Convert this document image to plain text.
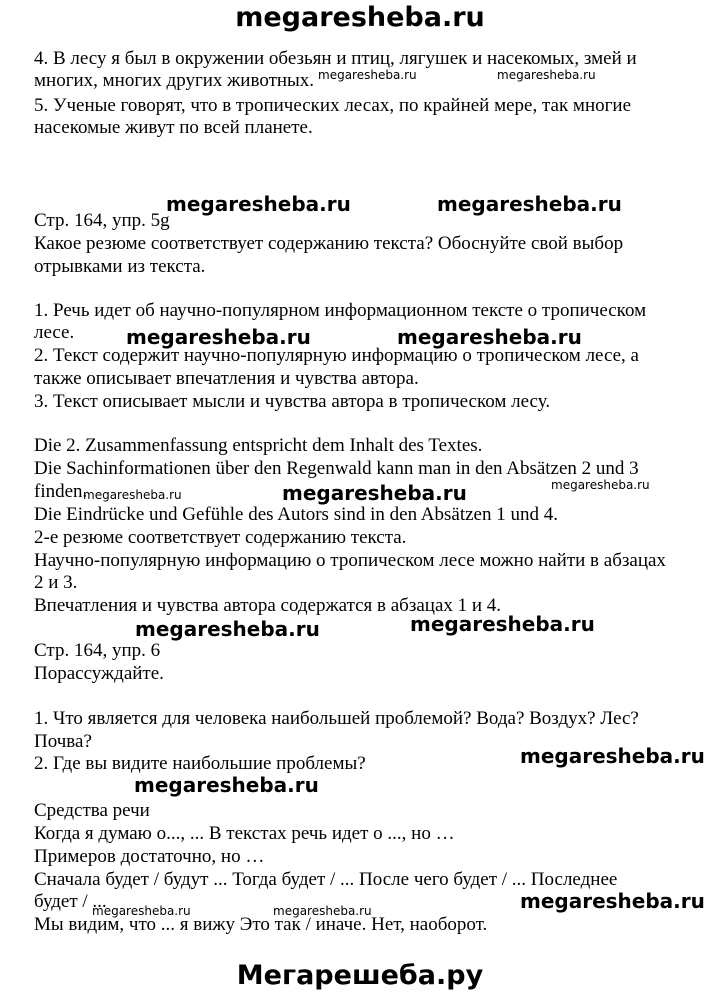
megaresheba.ru
4. В лесу я был в окружении обезьян и птиц, лягушек и насекомых, змей и
многих, многих других животных.
5. Ученые говорят, что в тропических лесах, по крайней мере, так многие
насекомые живут по всей планете.
Стр. 164, упр. 5g
Какое резюме соответствует содержанию текста? Обоснуйте свой выбор
отрывками из текста.
1. Речь идет об научно-популярном информационном тексте о тропическом
лесе.
2. Текст содержит научно-популярную информацию о тропическом лесе, а
также описывает впечатления и чувства автора.
3. Текст описывает мысли и чувства автора в тропическом лесу.
Die 2. Zusammenfassung entspricht dem Inhalt des Textes.
Die Sachinformationen über den Regenwald kann man in den Absätzen 2 und 3
finden.
Die Eindrücke und Gefühle des Autors sind in den Absätzen 1 und 4.
2-е резюме соответствует содержанию текста.
Научно-популярную информацию о тропическом лесе можно найти в абзацах
2 и 3.
Впечатления и чувства автора содержатся в абзацах 1 и 4.
Стр. 164, упр. 6
Порассуждайте.
1. Что является для человека наибольшей проблемой? Вода? Воздух? Лес?
Почва?
2. Где вы видите наибольшие проблемы?
Средства речи
Когда я думаю о..., ... В текстах речь идет о ..., но …
Примеров достаточно, но …
Сначала будет / будут ... Тогда будет / ... После чего будет / ... Последнее
будет / ...
Мы видим, что ... я вижу Это так / иначе. Нет, наоборот.
megaresheba.ru	megaresheba.ru
megaresheba.ru	megaresheba.ru
megaresheba.ru	megaresheba.ru
megaresheba.ru	megaresheba.ru	megaresheba.ru
megaresheba.ru	megaresheba.ru
megaresheba.ru
megaresheba.ru
megaresheba.ru	megaresheba.ru	megaresheba.ru
Мегарешеба.ру
